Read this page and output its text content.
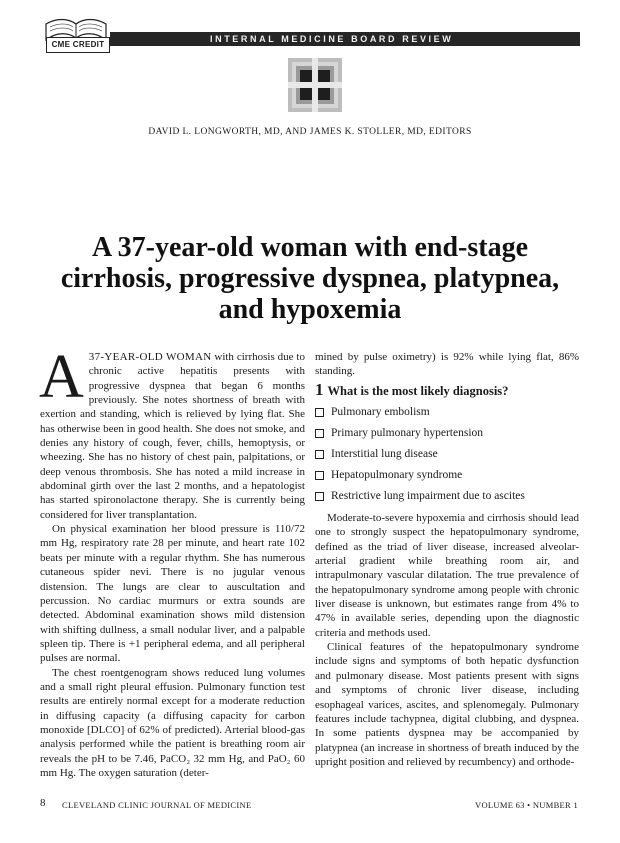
INTERNAL MEDICINE BOARD REVIEW
CME CREDIT
DAVID L. LONGWORTH, MD, AND JAMES K. STOLLER, MD, EDITORS
A 37-year-old woman with end-stage cirrhosis, progressive dyspnea, platypnea, and hypoxemia

A 37-YEAR-OLD WOMAN with cirrhosis due to chronic active hepatitis presents with progressive dyspnea that began 6 months previously. She notes shortness of breath with exertion and standing, which is relieved by lying flat. She has otherwise been in good health. She does not smoke, and denies any history of cough, fever, chills, hemoptysis, or wheezing. She has no history of chest pain, palpitations, or deep venous thrombosis. She has noted a mild increase in abdominal girth over the last 2 months, and a hepatologist has started spironolactone therapy. She is currently being considered for liver transplantation.

On physical examination her blood pressure is 110/72 mm Hg, respiratory rate 28 per minute, and heart rate 102 beats per minute with a regular rhythm. She has numerous cutaneous spider nevi. There is no jugular venous distension. The lungs are clear to auscultation and percussion. No cardiac murmurs or extra sounds are detected. Abdominal examination shows mild distension with shifting dullness, a small nodular liver, and a palpable spleen tip. There is +1 peripheral edema, and all peripheral pulses are normal.

The chest roentgenogram shows reduced lung volumes and a small right pleural effusion. Pulmonary function test results are entirely normal except for a moderate reduction in diffusing capacity (a diffusing capacity for carbon monoxide [DLCO] of 62% of predicted). Arterial blood-gas analysis performed while the patient is breathing room air reveals the pH to be 7.46, PaCO₂ 32 mm Hg, and PaO₂ 60 mm Hg. The oxygen saturation (deter-

mined by pulse oximetry) is 92% while lying flat, 86% standing.

1 What is the most likely diagnosis?

Pulmonary embolism
Primary pulmonary hypertension
Interstitial lung disease
Hepatopulmonary syndrome
Restrictive lung impairment due to ascites

Moderate-to-severe hypoxemia and cirrhosis should lead one to strongly suspect the hepatopulmonary syndrome, defined as the triad of liver disease, increased alveolar-arterial gradient while breathing room air, and intrapulmonary vascular dilatation. The true prevalence of the hepatopulmonary syndrome among people with chronic liver disease is unknown, but estimates range from 4% to 47% in available series, depending upon the diagnostic criteria and methods used.

Clinical features of the hepatopulmonary syndrome include signs and symptoms of both hepatic dysfunction and pulmonary disease. Most patients present with signs and symptoms of chronic liver disease, including esophageal varices, ascites, and splenomegaly. Pulmonary features include tachypnea, digital clubbing, and dyspnea. In some patients dyspnea may be accompanied by platypnea (an increase in shortness of breath induced by the upright position and relieved by recumbency) and orthode-

8 CLEVELAND CLINIC JOURNAL OF MEDICINE	VOLUME 63 • NUMBER 1
